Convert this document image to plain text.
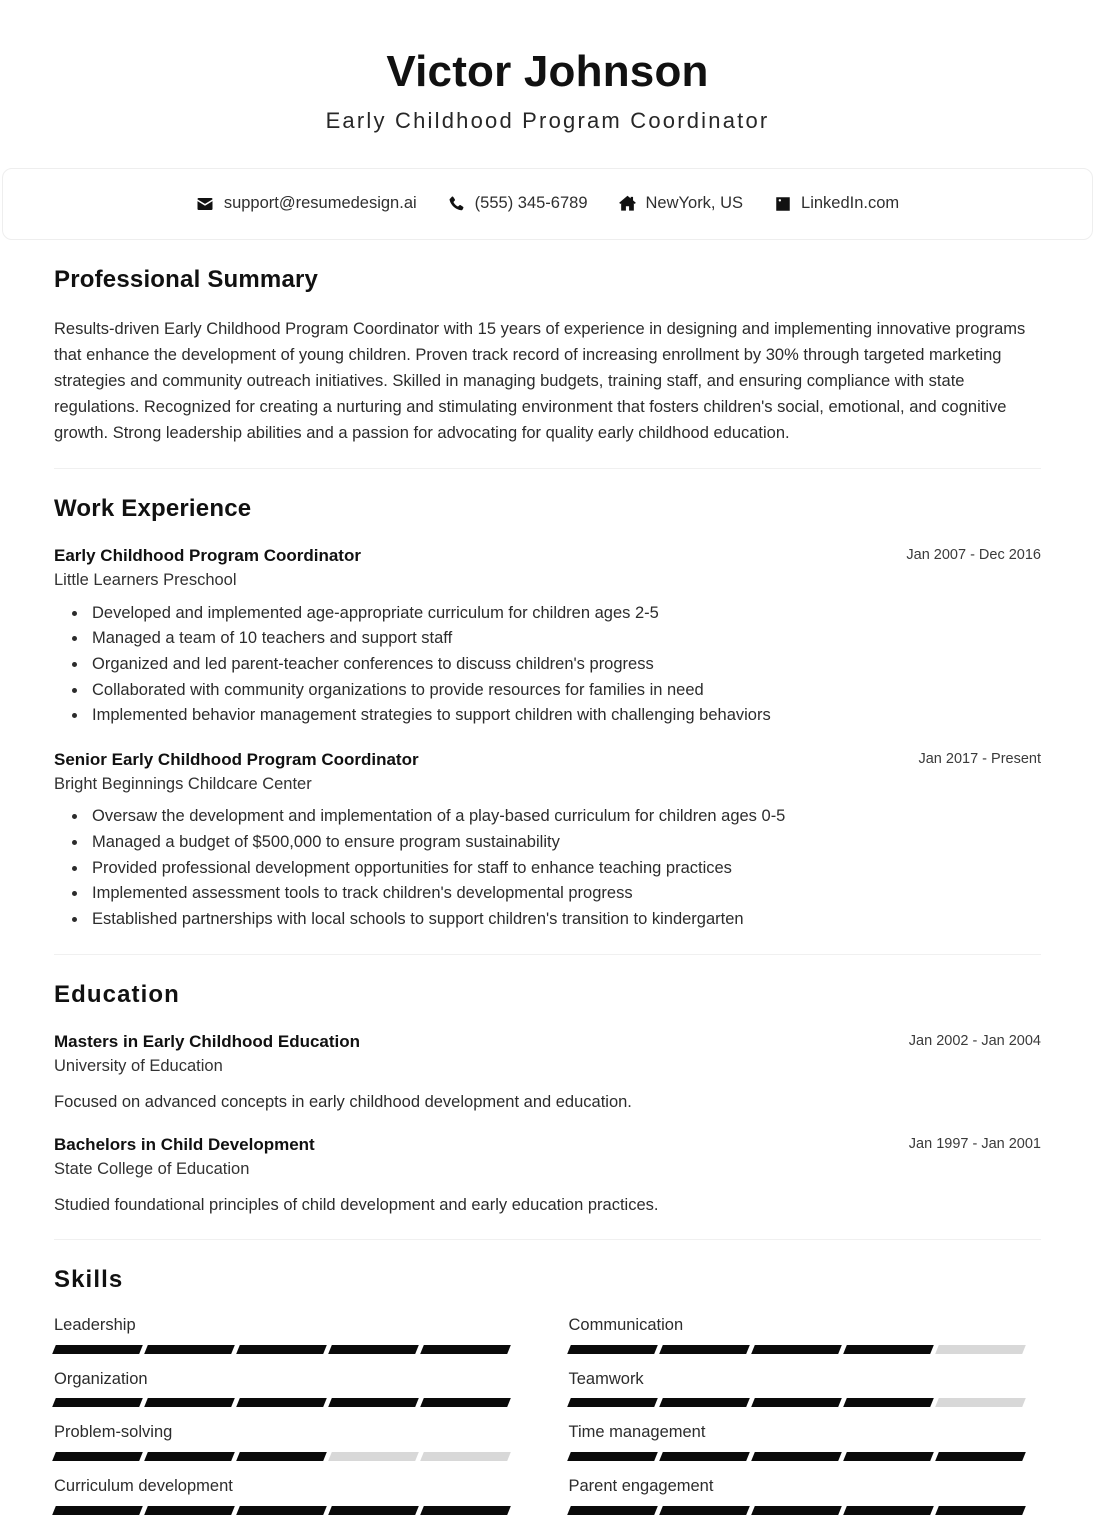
Victor Johnson
Early Childhood Program Coordinator
support@resumedesign.ai	(555) 345-6789	NewYork, US	LinkedIn.com
Professional Summary
Results-driven Early Childhood Program Coordinator with 15 years of experience in designing and implementing innovative programs that enhance the development of young children. Proven track record of increasing enrollment by 30% through targeted marketing strategies and community outreach initiatives. Skilled in managing budgets, training staff, and ensuring compliance with state regulations. Recognized for creating a nurturing and stimulating environment that fosters children's social, emotional, and cognitive growth. Strong leadership abilities and a passion for advocating for quality early childhood education.
Work Experience
Early Childhood Program Coordinator	Jan 2007 - Dec 2016
Little Learners Preschool
• Developed and implemented age-appropriate curriculum for children ages 2-5
• Managed a team of 10 teachers and support staff
• Organized and led parent-teacher conferences to discuss children's progress
• Collaborated with community organizations to provide resources for families in need
• Implemented behavior management strategies to support children with challenging behaviors
Senior Early Childhood Program Coordinator	Jan 2017 - Present
Bright Beginnings Childcare Center
• Oversaw the development and implementation of a play-based curriculum for children ages 0-5
• Managed a budget of $500,000 to ensure program sustainability
• Provided professional development opportunities for staff to enhance teaching practices
• Implemented assessment tools to track children's developmental progress
• Established partnerships with local schools to support children's transition to kindergarten
Education
Masters in Early Childhood Education	Jan 2002 - Jan 2004
University of Education
Focused on advanced concepts in early childhood development and education.
Bachelors in Child Development	Jan 1997 - Jan 2001
State College of Education
Studied foundational principles of child development and early education practices.
Skills
Leadership	Communication
Organization	Teamwork
Problem-solving	Time management
Curriculum development	Parent engagement
